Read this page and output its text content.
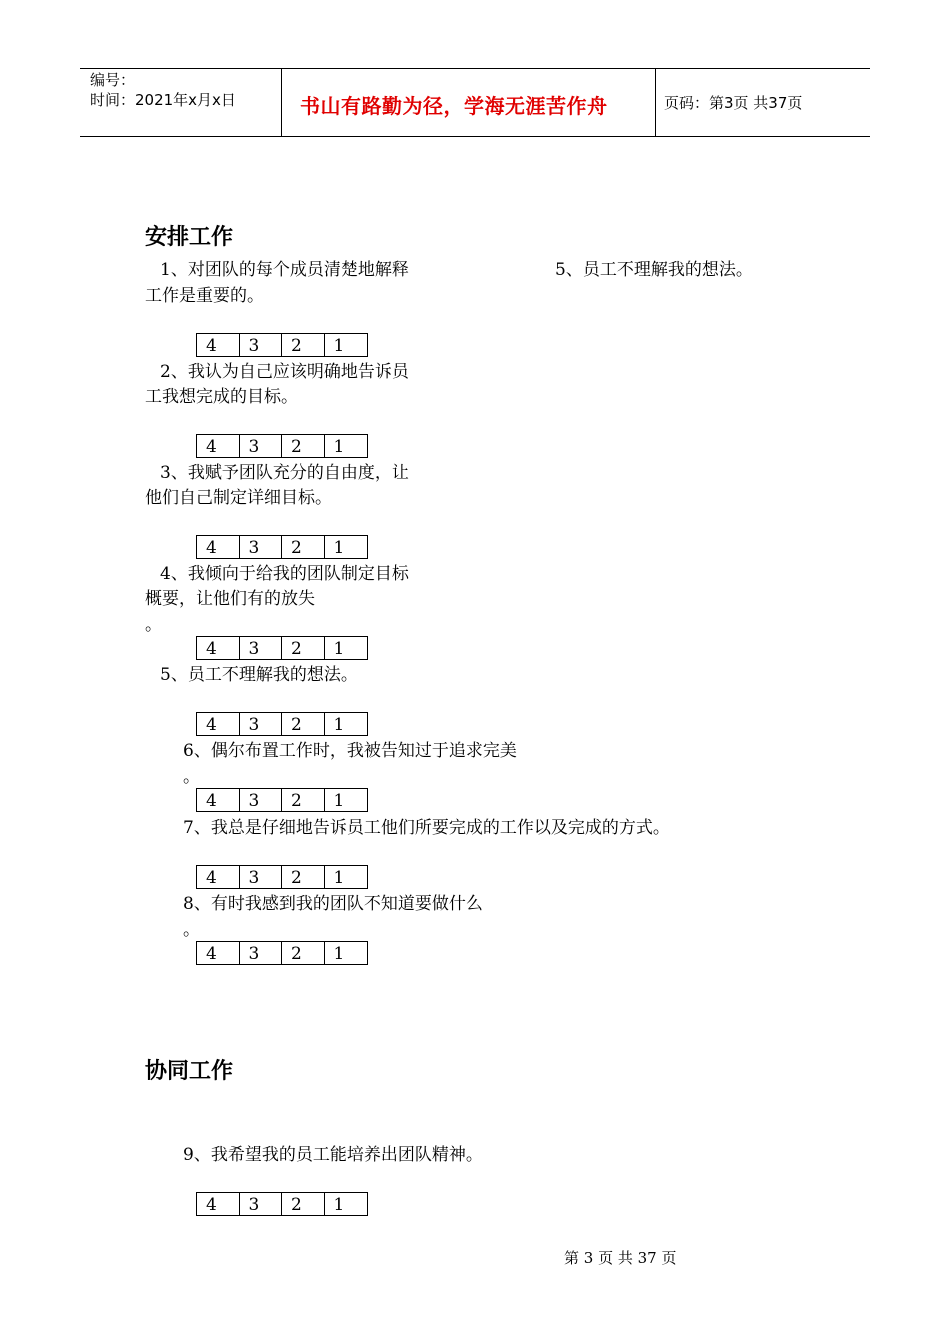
编号：
时间：2021年x月x日	书山有路勤为径，学海无涯苦作舟	页码：第3页 共37页
安排工作
5、员工不理解我的想法。
1、对团队的每个成员清楚地解释
工作是重要的。
4	3	2	1
2、我认为自己应该明确地告诉员
工我想完成的目标。
4	3	2	1
3、我赋予团队充分的自由度，让
他们自己制定详细目标。
4	3	2	1
4、我倾向于给我的团队制定目标
概要，让他们有的放失
。
4	3	2	1
5、员工不理解我的想法。
4	3	2	1
6、偶尔布置工作时，我被告知过于追求完美
。
4	3	2	1
7、我总是仔细地告诉员工他们所要完成的工作以及完成的方式。
4	3	2	1
8、有时我感到我的团队不知道要做什么
。
4	3	2	1
协同工作
9、我希望我的员工能培养出团队精神。
4	3	2	1
第 3 页 共 37 页
